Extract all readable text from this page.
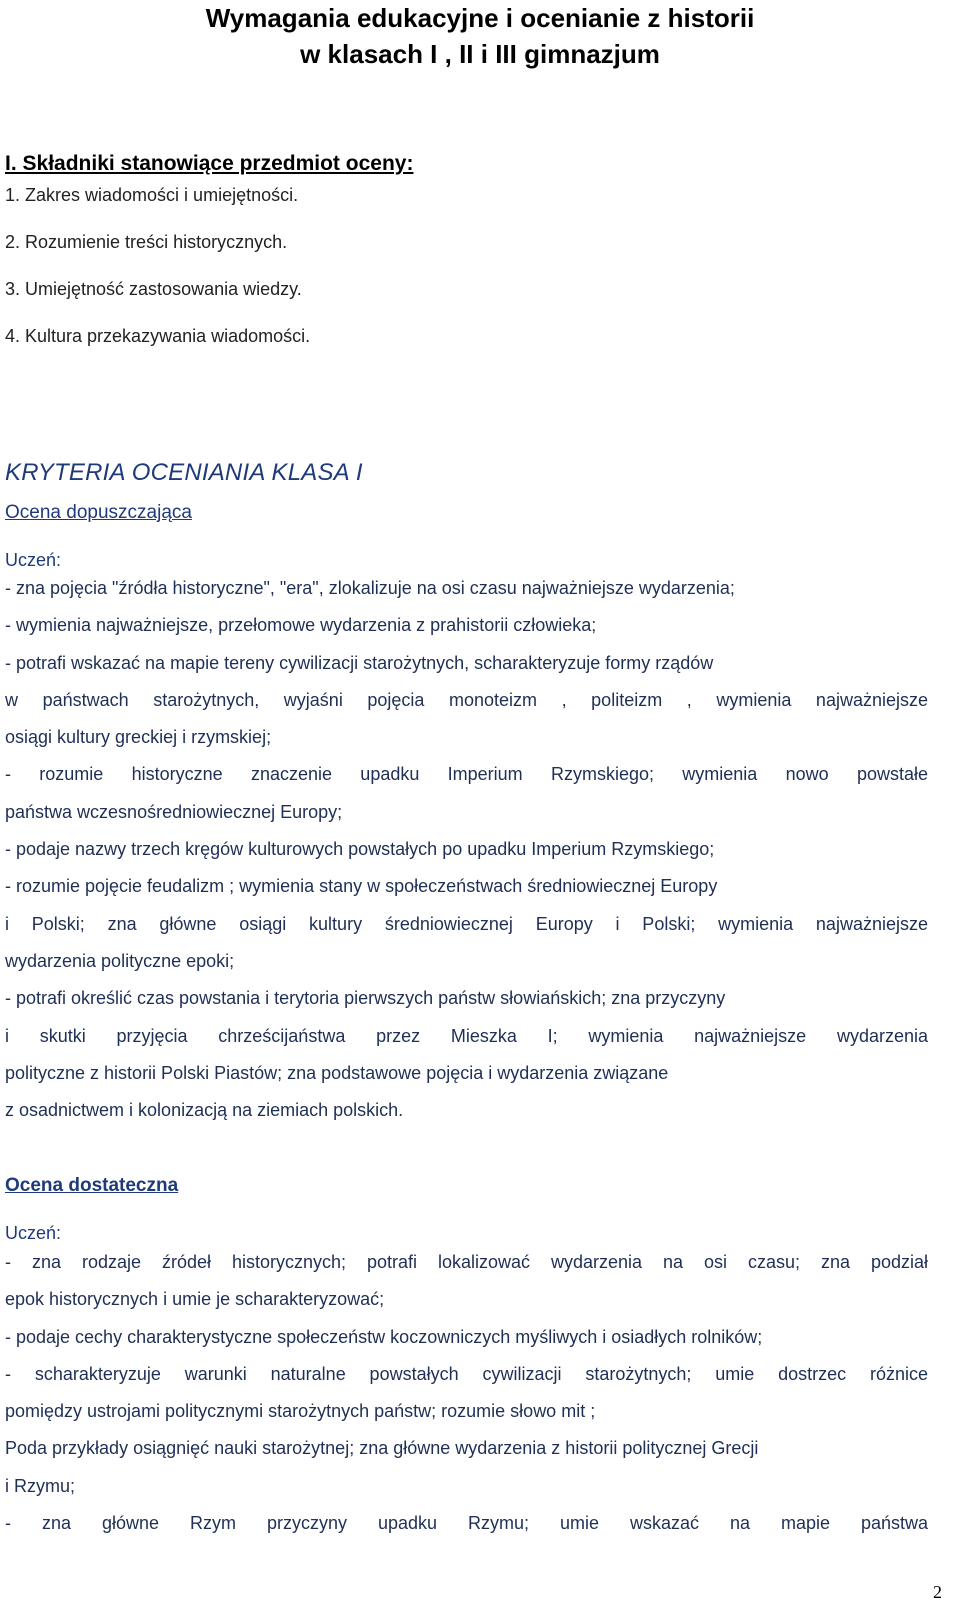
Wymagania edukacyjne i ocenianie z historii
w klasach I , II i III gimnazjum
I. Składniki stanowiące przedmiot oceny:
1. Zakres wiadomości i umiejętności.
2. Rozumienie treści historycznych.
3. Umiejętność zastosowania wiedzy.
4. Kultura przekazywania wiadomości.
KRYTERIA OCENIANIA KLASA I
Ocena dopuszczająca
Uczeń:
- zna pojęcia "źródła historyczne", "era", zlokalizuje na osi czasu najważniejsze wydarzenia;
- wymienia najważniejsze, przełomowe wydarzenia z prahistorii człowieka;
- potrafi wskazać na mapie tereny cywilizacji starożytnych, scharakteryzuje formy rządów
w państwach starożytnych, wyjaśni pojęcia monoteizm , politeizm , wymienia najważniejsze
osiągi kultury greckiej i rzymskiej;
- rozumie historyczne znaczenie upadku Imperium Rzymskiego; wymienia nowo powstałe
państwa wczesnośredniowiecznej Europy;
- podaje nazwy trzech kręgów kulturowych powstałych po upadku Imperium Rzymskiego;
- rozumie pojęcie feudalizm ; wymienia stany w społeczeństwach średniowiecznej Europy
i Polski; zna główne osiągi kultury średniowiecznej Europy i Polski; wymienia najważniejsze
wydarzenia polityczne epoki;
- potrafi określić czas powstania i terytoria pierwszych państw słowiańskich; zna przyczyny
i skutki przyjęcia chrześcijaństwa przez Mieszka I; wymienia najważniejsze wydarzenia
polityczne z historii Polski Piastów; zna podstawowe pojęcia i wydarzenia związane
z osadnictwem i kolonizacją na ziemiach polskich.
Ocena dostateczna
Uczeń:
- zna rodzaje źródeł historycznych; potrafi lokalizować wydarzenia na osi czasu; zna podział
epok historycznych i umie je scharakteryzować;
- podaje cechy charakterystyczne społeczeństw koczowniczych myśliwych i osiadłych rolników;
- scharakteryzuje warunki naturalne powstałych cywilizacji starożytnych; umie dostrzec różnice
pomiędzy ustrojami politycznymi starożytnych państw; rozumie słowo mit ;
Poda przykłady osiągnięć nauki starożytnej; zna główne wydarzenia z historii politycznej Grecji
i Rzymu;
- zna główne Rzym przyczyny upadku Rzymu; umie wskazać na mapie państwa
2
